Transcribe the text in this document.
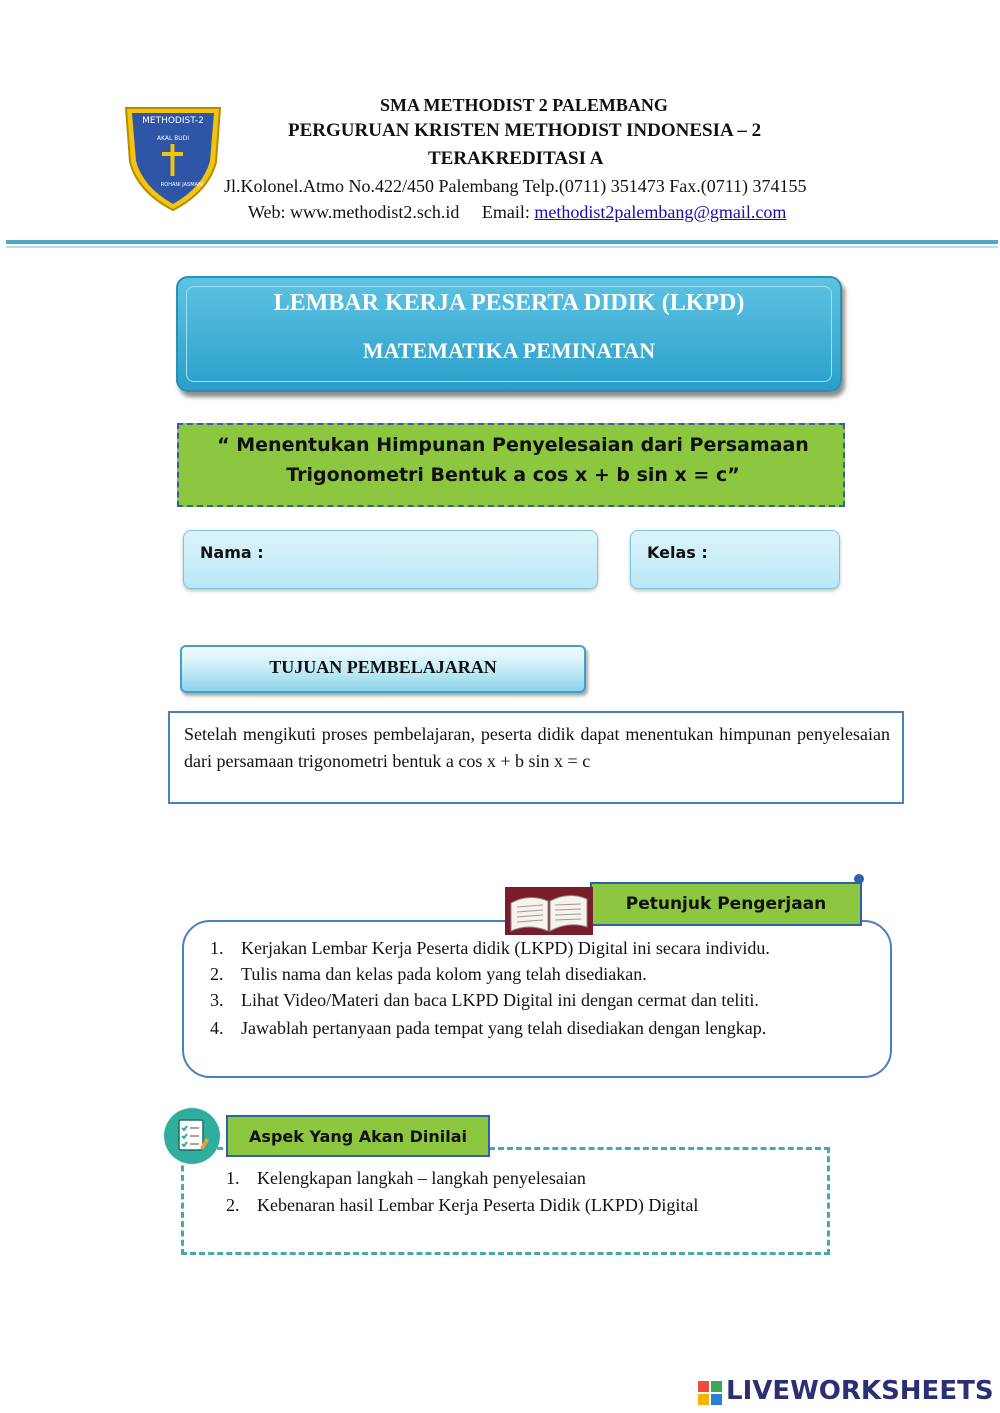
METHODIST-2
AKAL BUDI
ROHANI JASMANI
SMA METHODIST 2 PALEMBANG
PERGURUAN KRISTEN METHODIST INDONESIA – 2
TERAKREDITASI A
Jl.Kolonel.Atmo No.422/450 Palembang Telp.(0711) 351473 Fax.(0711) 374155
Web: www.methodist2.sch.id Email: methodist2palembang@gmail.com
LEMBAR KERJA PESERTA DIDIK (LKPD)
MATEMATIKA PEMINATAN
“ Menentukan Himpunan Penyelesaian dari Persamaan
Trigonometri Bentuk a cos x + b sin x = c”
Nama :	Kelas :
TUJUAN PEMBELAJARAN
Setelah mengikuti proses pembelajaran, peserta didik dapat menentukan himpunan penyelesaian dari persamaan trigonometri bentuk a cos x + b sin x = c
Petunjuk Pengerjaan
1. Kerjakan Lembar Kerja Peserta didik (LKPD) Digital ini secara individu.
2. Tulis nama dan kelas pada kolom yang telah disediakan.
3. Lihat Video/Materi dan baca LKPD Digital ini dengan cermat dan teliti.
4. Jawablah pertanyaan pada tempat yang telah disediakan dengan lengkap.
Aspek Yang Akan Dinilai
1. Kelengkapan langkah – langkah penyelesaian
2. Kebenaran hasil Lembar Kerja Peserta Didik (LKPD) Digital
LIVEWORKSHEETS
